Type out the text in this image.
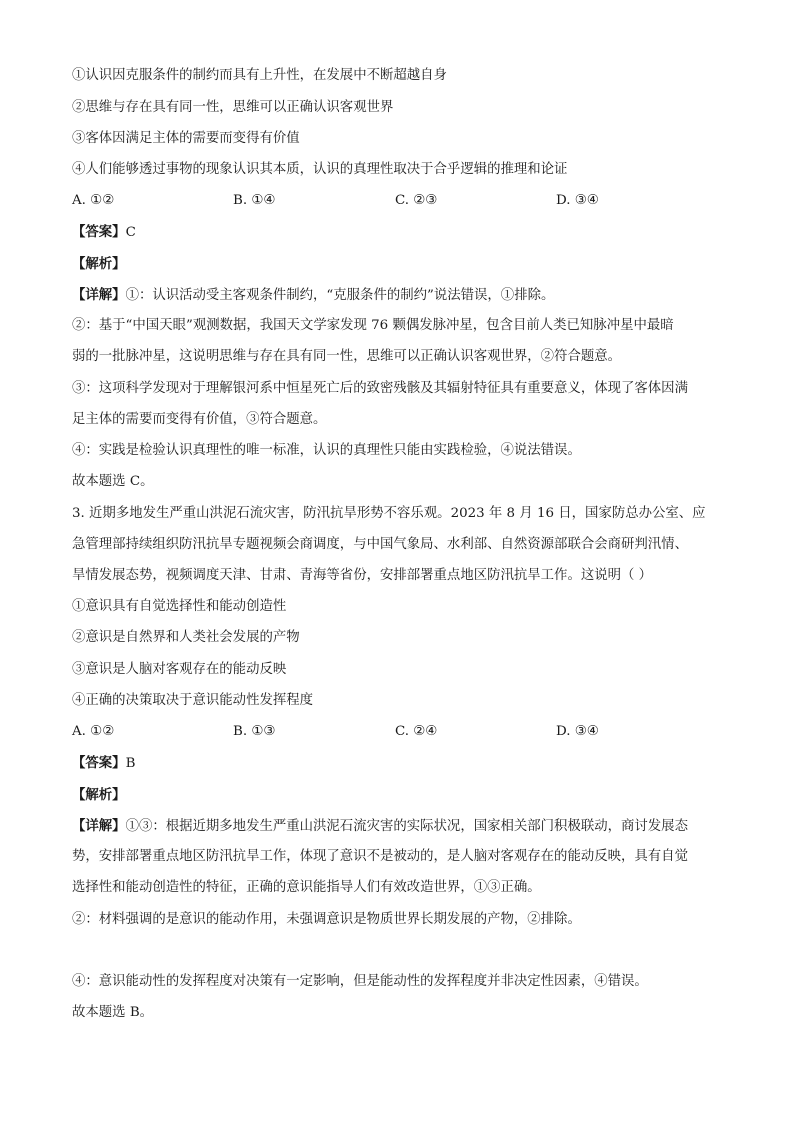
①认识因克服条件的制约而具有上升性，在发展中不断超越自身
②思维与存在具有同一性，思维可以正确认识客观世界
③客体因满足主体的需要而变得有价值
④人们能够透过事物的现象认识其本质，认识的真理性取决于合乎逻辑的推理和论证
A. ①②	B. ①④	C. ②③	D. ③④
【答案】C
【解析】
【详解】①：认识活动受主客观条件制约，“克服条件的制约”说法错误，①排除。
②：基于“中国天眼”观测数据，我国天文学家发现 76 颗偶发脉冲星，包含目前人类已知脉冲星中最暗
弱的一批脉冲星，这说明思维与存在具有同一性，思维可以正确认识客观世界，②符合题意。
③：这项科学发现对于理解银河系中恒星死亡后的致密残骸及其辐射特征具有重要意义，体现了客体因满
足主体的需要而变得有价值，③符合题意。
④：实践是检验认识真理性的唯一标准，认识的真理性只能由实践检验，④说法错误。
故本题选 C。
3. 近期多地发生严重山洪泥石流灾害，防汛抗旱形势不容乐观。2023 年 8 月 16 日，国家防总办公室、应
急管理部持续组织防汛抗旱专题视频会商调度，与中国气象局、水利部、自然资源部联合会商研判汛情、
旱情发展态势，视频调度天津、甘肃、青海等省份，安排部署重点地区防汛抗旱工作。这说明（ ）
①意识具有自觉选择性和能动创造性
②意识是自然界和人类社会发展的产物
③意识是人脑对客观存在的能动反映
④正确的决策取决于意识能动性发挥程度
A. ①②	B. ①③	C. ②④	D. ③④
【答案】B
【解析】
【详解】①③：根据近期多地发生严重山洪泥石流灾害的实际状况，国家相关部门积极联动，商讨发展态
势，安排部署重点地区防汛抗旱工作，体现了意识不是被动的，是人脑对客观存在的能动反映，具有自觉
选择性和能动创造性的特征，正确的意识能指导人们有效改造世界，①③正确。
②：材料强调的是意识的能动作用，未强调意识是物质世界长期发展的产物，②排除。
④：意识能动性的发挥程度对决策有一定影响，但是能动性的发挥程度并非决定性因素，④错误。
故本题选 B。
